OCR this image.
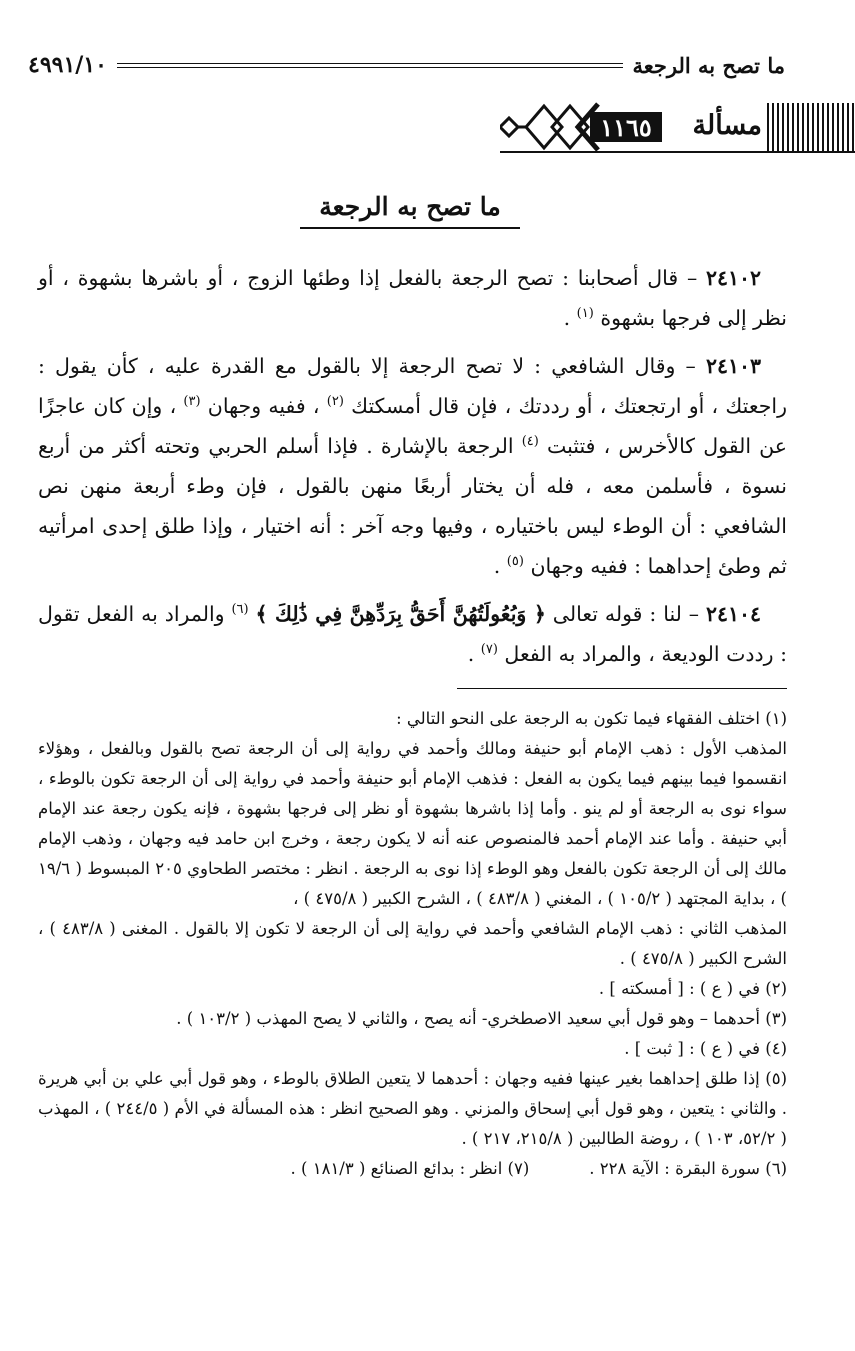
ما تصح به الرجعة
٤٩٩١/١٠
مسألة
١١٦٥
ما تصح به الرجعة

٢٤١٠٢ – قال أصحابنا : تصح الرجعة بالفعل إذا وطئها الزوج ، أو باشرها بشهوة ، أو نظر إلى فرجها بشهوة $^{(١)}$ .

٢٤١٠٣ – وقال الشافعي : لا تصح الرجعة إلا بالقول مع القدرة عليه ، كأن يقول : راجعتك ، أو ارتجعتك ، أو رددتك ، فإن قال أمسكتك $^{(٢)}$ ، ففيه وجهان $^{(٣)}$ ، وإن كان عاجزًا عن القول كالأخرس ، فتثبت $^{(٤)}$ الرجعة بالإشارة . فإذا أسلم الحربي وتحته أكثر من أربع نسوة ، فأسلمن معه ، فله أن يختار أربعًا منهن بالقول ، فإن وطء أربعة منهن نص الشافعي : أن الوطء ليس باختياره ، وفيها وجه آخر : أنه اختيار ، وإذا طلق إحدى امرأتيه ثم وطئ إحداهما : ففيه وجهان $^{(٥)}$ .

٢٤١٠٤ – لنا : قوله تعالى ﴿ وَبُعُولَتُهُنَّ أَحَقُّ بِرَدِّهِنَّ فِي ذَٰلِكَ ﴾ $^{(٦)}$ والمراد به الفعل تقول : رددت الوديعة ، والمراد به الفعل $^{(٧)}$ .

(١) اختلف الفقهاء فيما تكون به الرجعة على النحو التالي :

المذهب الأول : ذهب الإمام أبو حنيفة ومالك وأحمد في رواية إلى أن الرجعة تصح بالقول وبالفعل ، وهؤلاء انقسموا فيما بينهم فيما يكون به الفعل : فذهب الإمام أبو حنيفة وأحمد في رواية إلى أن الرجعة تكون بالوطء ، سواء نوى به الرجعة أو لم ينو . وأما إذا باشرها بشهوة أو نظر إلى فرجها بشهوة ، فإنه يكون رجعة عند الإمام أبي حنيفة . وأما عند الإمام أحمد فالمنصوص عنه أنه لا يكون رجعة ، وخرج ابن حامد فيه وجهان ، وذهب الإمام مالك إلى أن الرجعة تكون بالفعل وهو الوطء إذا نوى به الرجعة . انظر : مختصر الطحاوي ٢٠٥ المبسوط ( ١٩/٦ ) ، بداية المجتهد ( ١٠٥/٢ ) ، المغني ( ٤٨٣/٨ ) ، الشرح الكبير ( ٤٧٥/٨ ) ،

المذهب الثاني : ذهب الإمام الشافعي وأحمد في رواية إلى أن الرجعة لا تكون إلا بالقول . المغنى ( ٤٨٣/٨ ) ، الشرح الكبير ( ٤٧٥/٨ ) .

(٢) في ( ع ) : [ أمسكته ] .

(٣) أحدهما – وهو قول أبي سعيد الاصطخري- أنه يصح ، والثاني لا يصح المهذب ( ١٠٣/٢ ) .

(٤) في ( ع ) : [ ثبت ] .

(٥) إذا طلق إحداهما بغير عينها ففيه وجهان : أحدهما لا يتعين الطلاق بالوطء ، وهو قول أبي علي بن أبي هريرة . والثاني : يتعين ، وهو قول أبي إسحاق والمزني . وهو الصحيح انظر : هذه المسألة في الأم ( ٢٤٤/٥ ) ، المهذب ( ٥٢/٢، ١٠٣ ) ، روضة الطالبين ( ٢١٥/٨، ٢١٧ ) .

(٦) سورة البقرة : الآية ٢٢٨ .
(٧) انظر : بدائع الصنائع ( ١٨١/٣ ) .
